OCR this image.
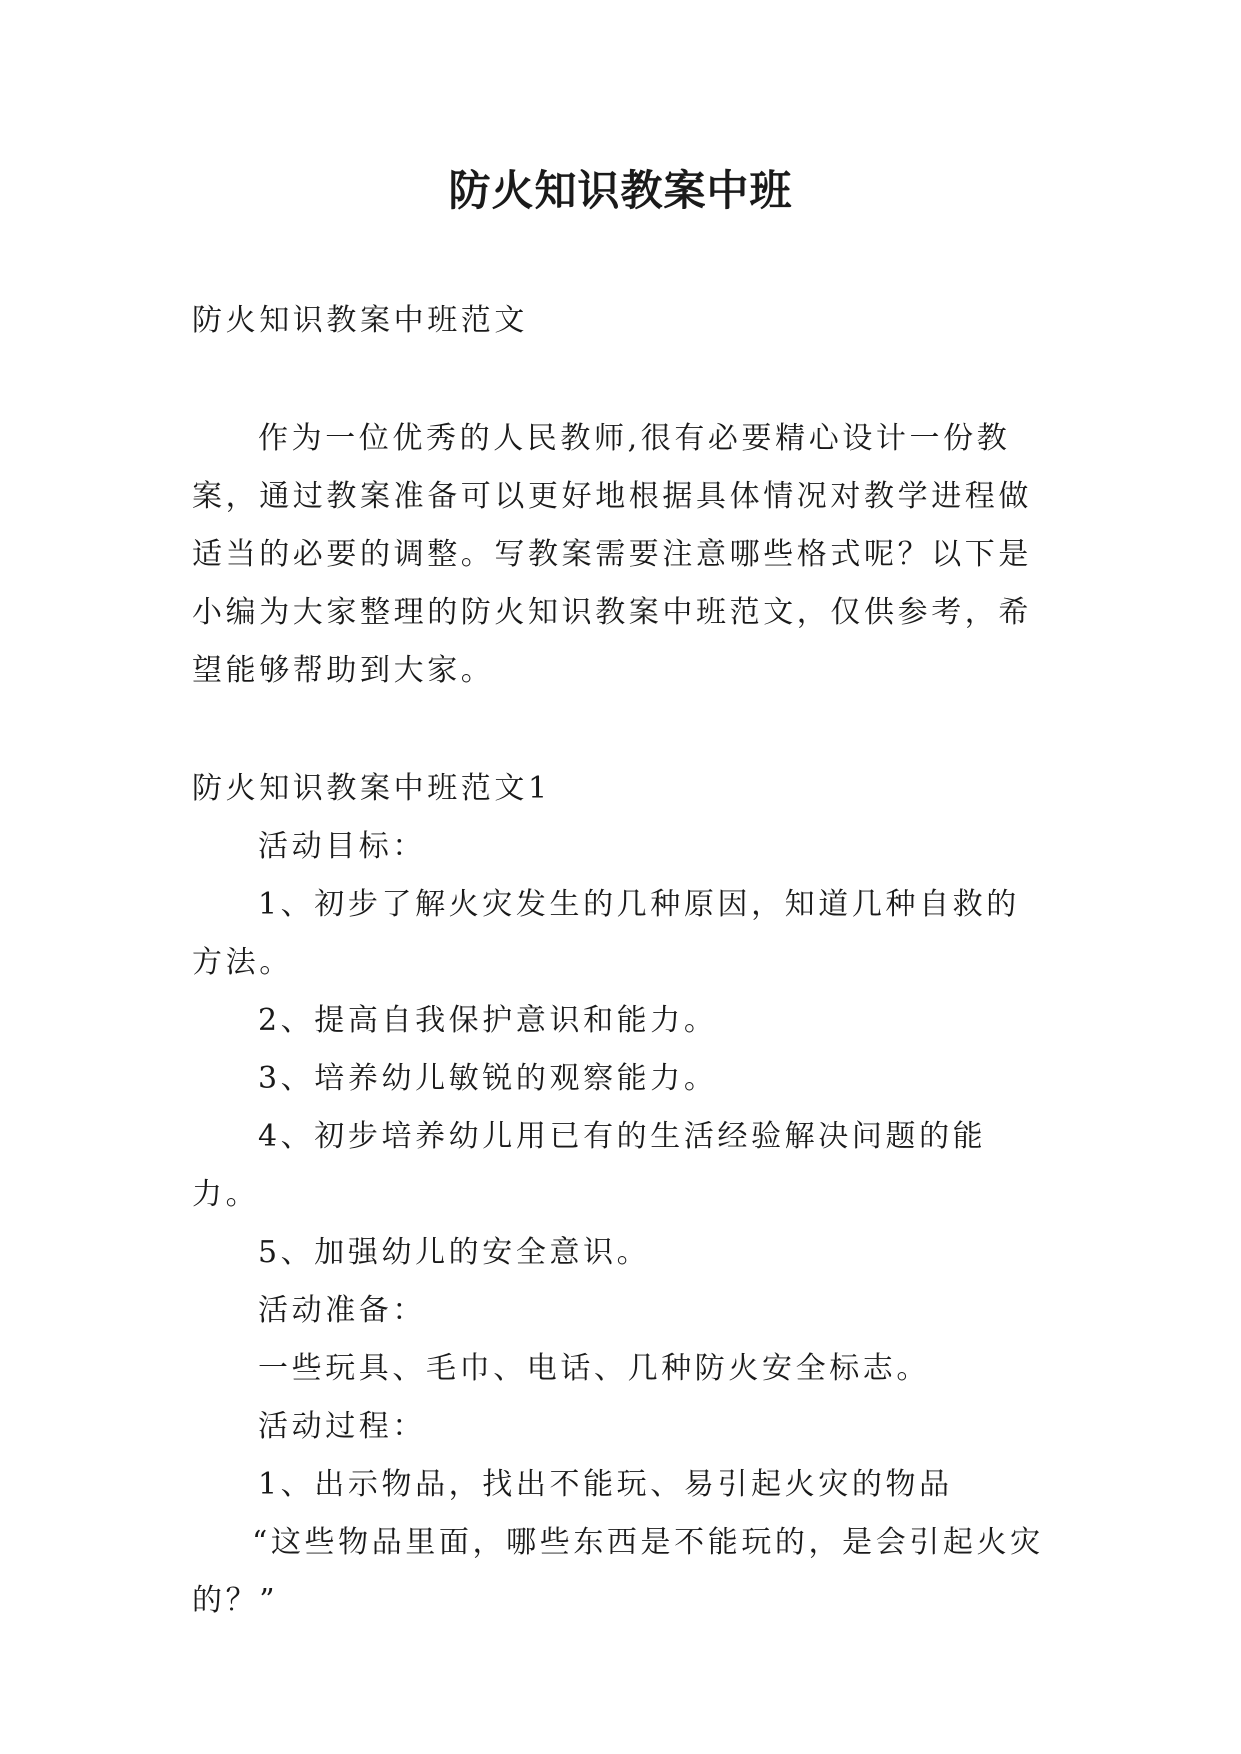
防火知识教案中班

防火知识教案中班范文

作为一位优秀的人民教师,很有必要精心设计一份教案，通过教案准备可以更好地根据具体情况对教学进程做适当的必要的调整。写教案需要注意哪些格式呢？以下是小编为大家整理的防火知识教案中班范文，仅供参考，希望能够帮助到大家。

防火知识教案中班范文1

活动目标：

1、初步了解火灾发生的几种原因，知道几种自救的方法。

2、提高自我保护意识和能力。

3、培养幼儿敏锐的观察能力。

4、初步培养幼儿用已有的生活经验解决问题的能力。

5、加强幼儿的安全意识。

活动准备：

一些玩具、毛巾、电话、几种防火安全标志。

活动过程：

1、出示物品，找出不能玩、易引起火灾的物品

“这些物品里面，哪些东西是不能玩的，是会引起火灾的？”
